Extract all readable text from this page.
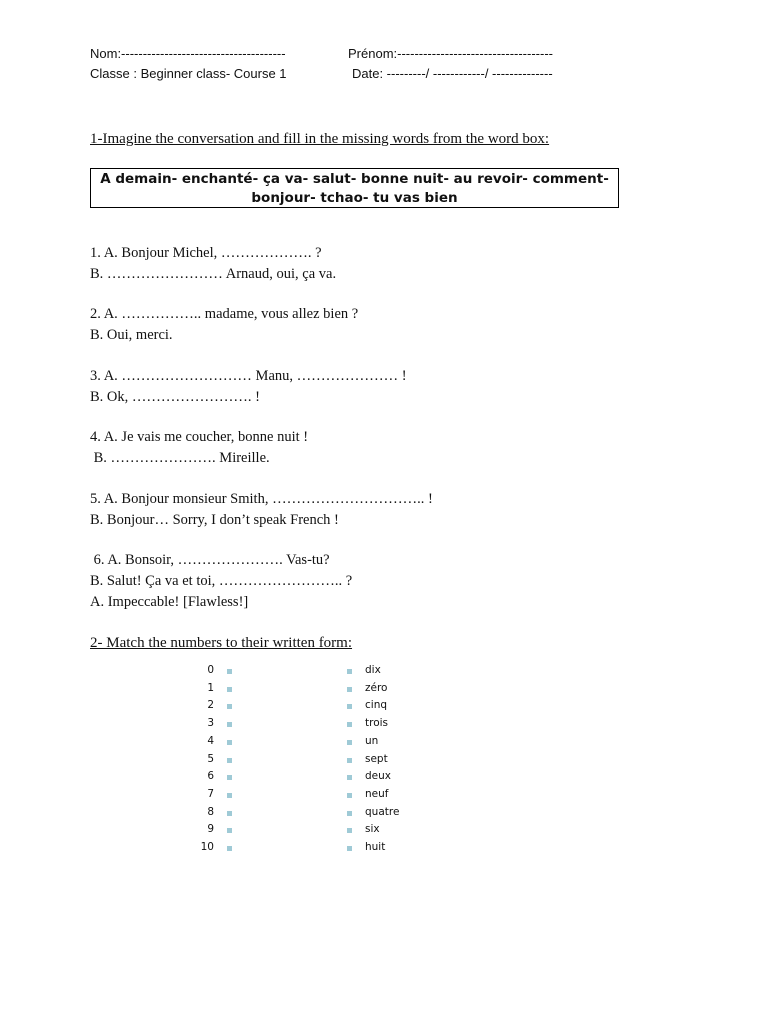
Nom:--------------------------------------	Prénom:------------------------------------
Classe : Beginner class- Course 1	Date: ---------/ ------------/ --------------
1-Imagine the conversation and fill in the missing words from the word box:
A demain- enchanté- ça va- salut- bonne nuit- au revoir- comment-
bonjour- tchao- tu vas bien
1. A. Bonjour Michel, ………………. ?
B. …………………… Arnaud, oui, ça va.
2. A. …………….. madame, vous allez bien ?
B. Oui, merci.
3. A. ……………………… Manu, ………………… !
B. Ok, ……………………. !
4. A. Je vais me coucher, bonne nuit !
B. …………………. Mireille.
5. A. Bonjour monsieur Smith, ………………………….. !
B. Bonjour… Sorry, I don’t speak French !
6. A. Bonsoir, …………………. Vas-tu?
B. Salut! Ça va et toi, …………………….. ?
A. Impeccable! [Flawless!]
2- Match the numbers to their written form:
0
1
2
3
4
5
6
7
8
9
10
dix
zéro
cinq
trois
un
sept
deux
neuf
quatre
six
huit
